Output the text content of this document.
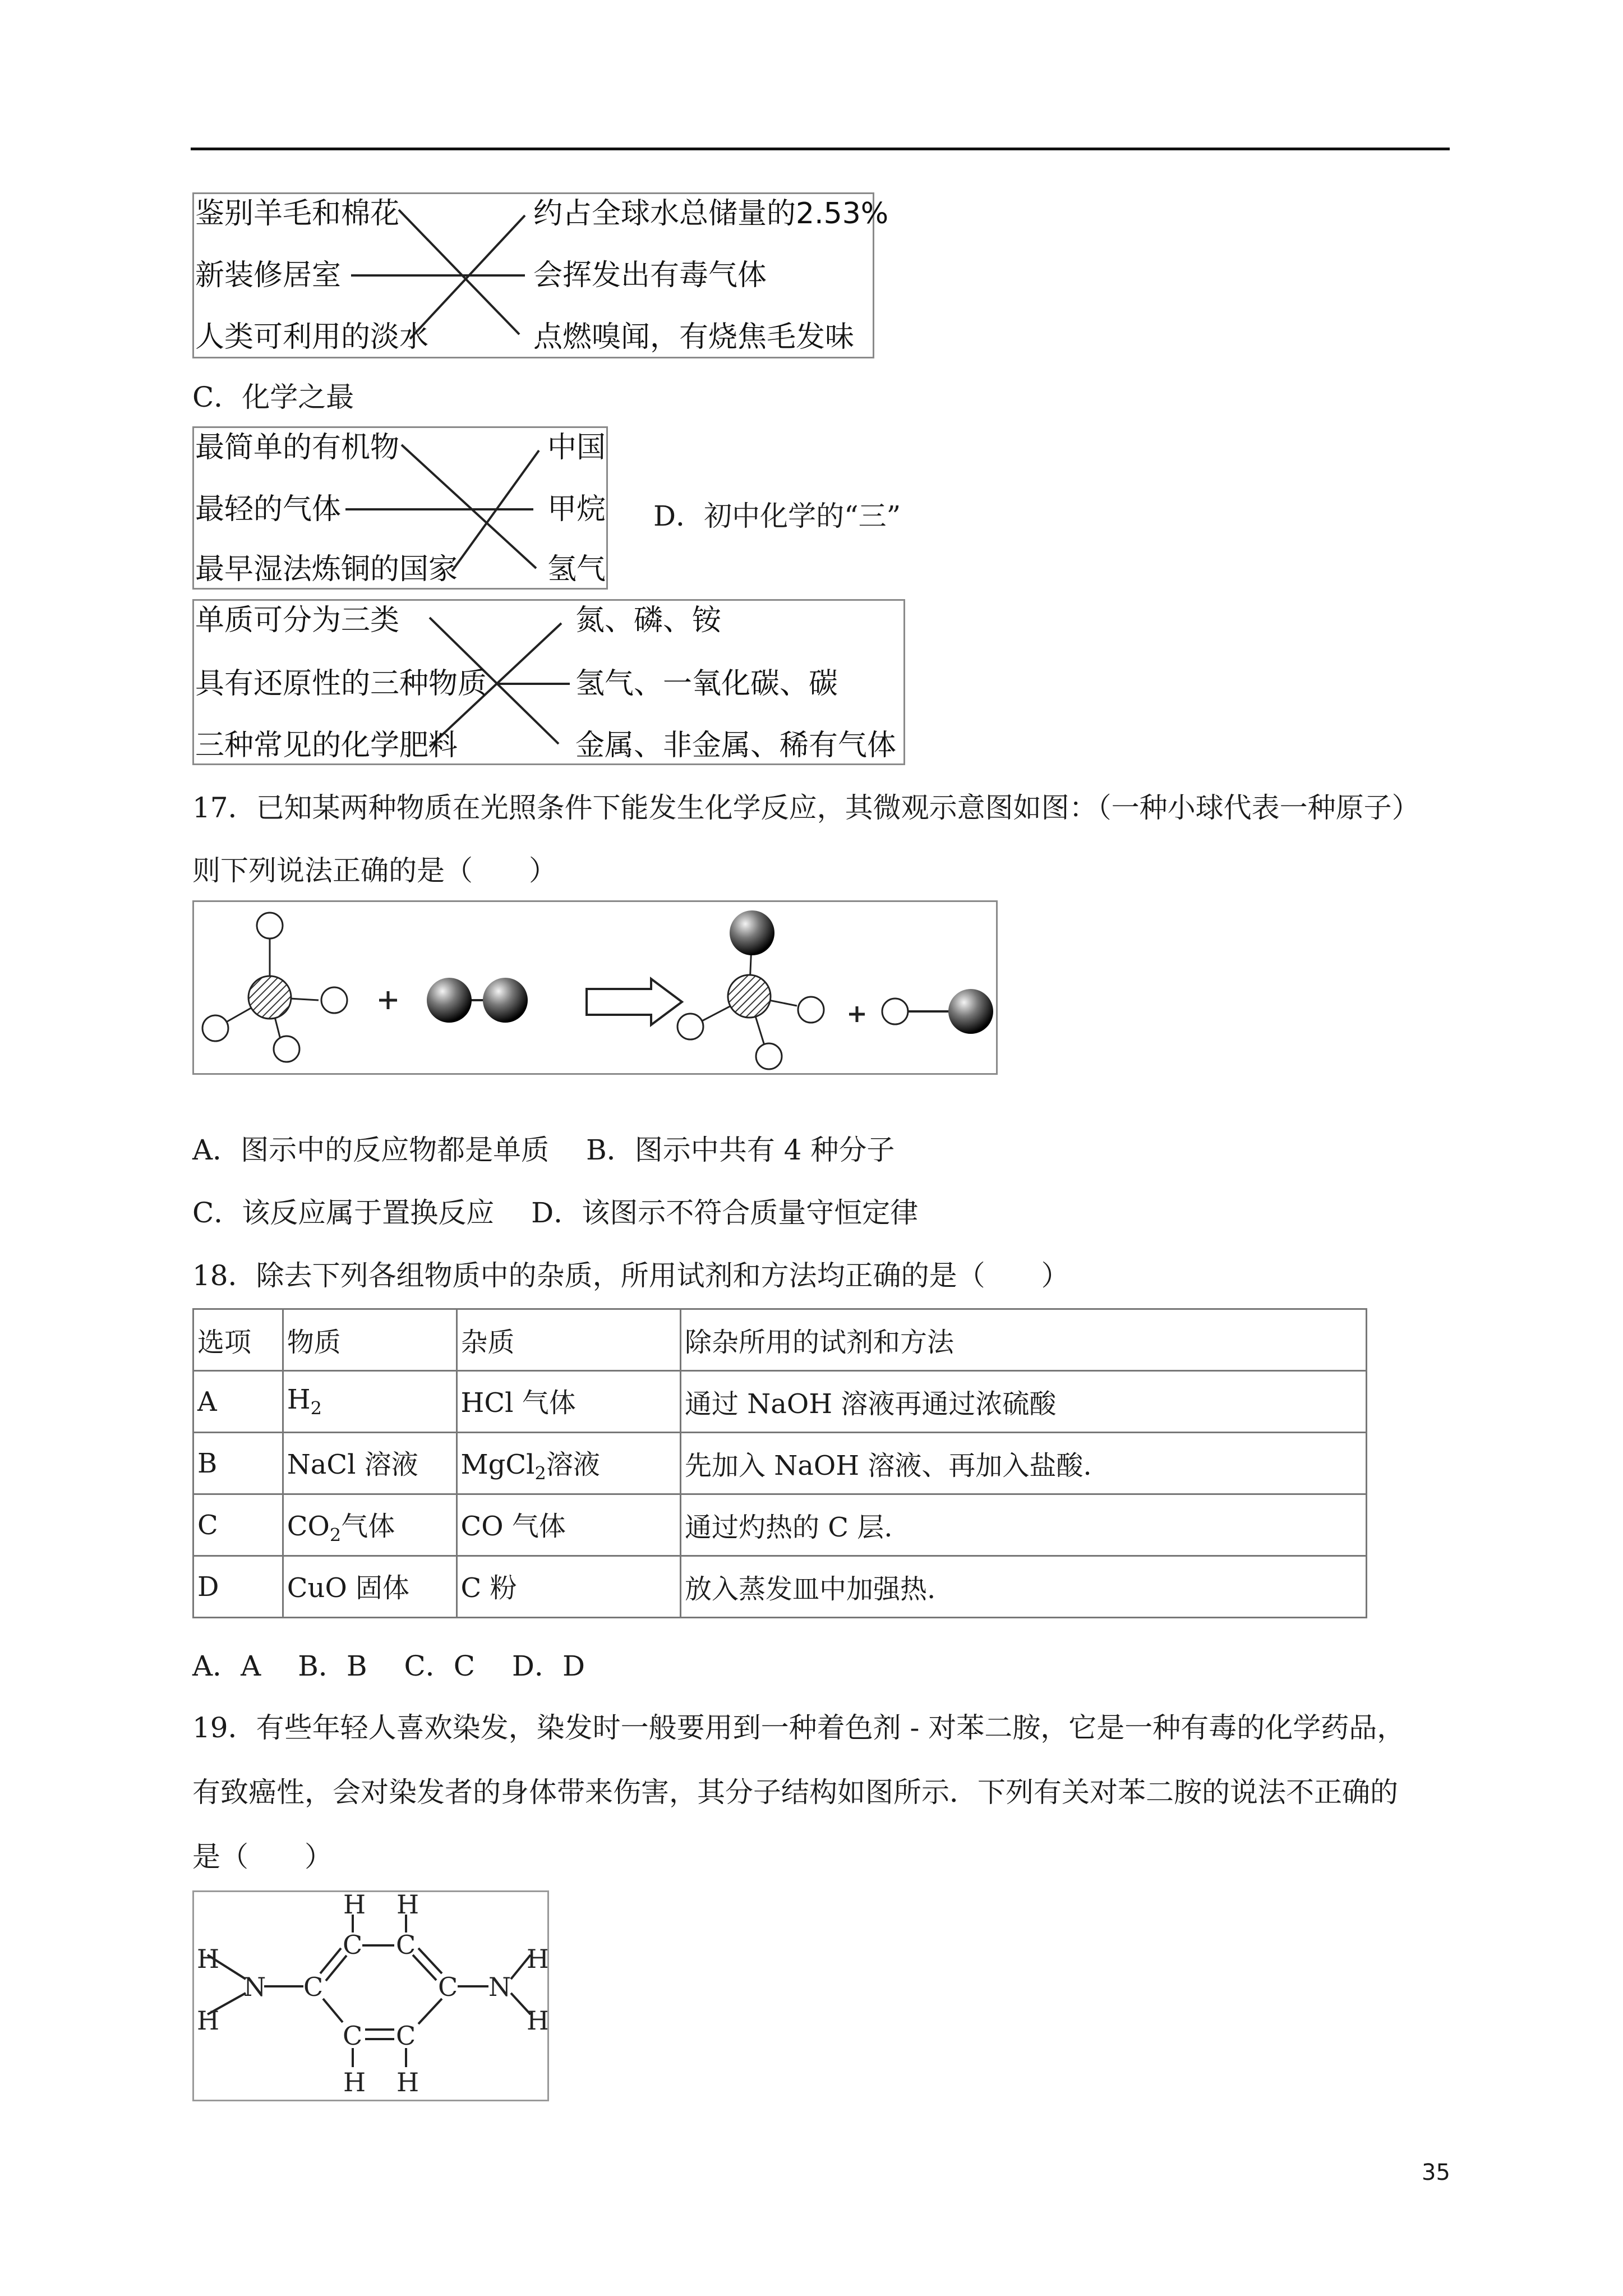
鉴别羊毛和棉花
新装修居室
人类可利用的淡水
约占全球水总储量的2.53%
会挥发出有毒气体
点燃嗅闻，有烧焦毛发味
C．化学之最
最简单的有机物
最轻的气体
最早湿法炼铜的国家
中国
甲烷
氢气
D．初中化学的“三”
单质可分为三类
具有还原性的三种物质
三种常见的化学肥料
氮、磷、铵
氢气、一氧化碳、碳
金属、非金属、稀有气体
17．已知某两种物质在光照条件下能发生化学反应，其微观示意图如图：（一种小球代表一种原子）
则下列说法正确的是（　　）
A．图示中的反应物都是单质　 B．图示中共有 4 种分子
C．该反应属于置换反应　 D．该图示不符合质量守恒定律
18．除去下列各组物质中的杂质，所用试剂和方法均正确的是（　　）
选项	物质	杂质	除杂所用的试剂和方法
A	$H_2$	HCl 气体	通过 NaOH 溶液再通过浓硫酸
B	NaCl 溶液	MgCl$_2$溶液	先加入 NaOH 溶液、再加入盐酸.
C	$CO_2$气体	CO 气体	通过灼热的 C 层.
D	CuO 固体	C 粉	放入蒸发皿中加强热.
A．A　 B．B　 C．C　 D．D
19．有些年轻人喜欢染发，染发时一般要用到一种着色剂 - 对苯二胺，它是一种有毒的化学药品，
有致癌性，会对染发者的身体带来伤害，其分子结构如图所示．下列有关对苯二胺的说法不正确的
是（　　）
H
H
N C
C C
C C
C N
H
H
H H
H H
35
